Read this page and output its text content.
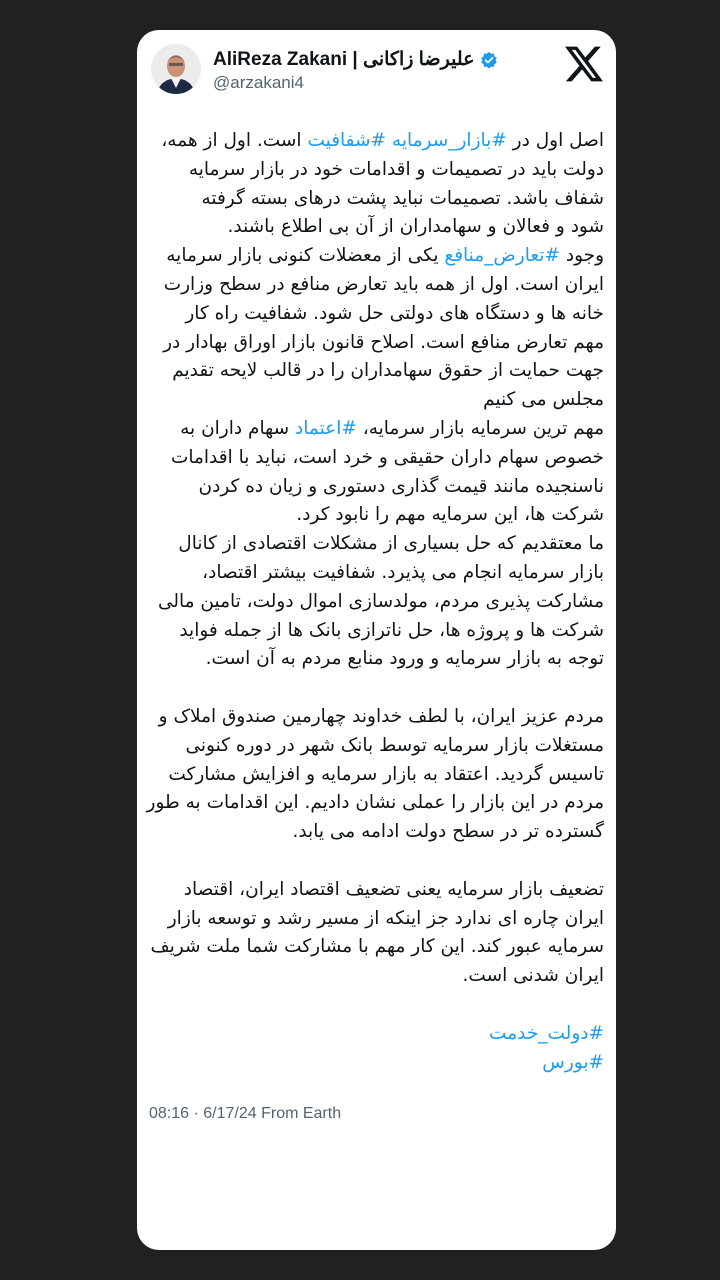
AliReza Zakani | علیرضا زاکانی
@arzakani4
اصل اول در #بازار_سرمایه #شفافیت است. اول از همه،
دولت باید در تصمیمات و اقدامات خود در بازار سرمایه
شفاف باشد. تصمیمات نباید پشت درهای بسته گرفته
شود و فعالان و سهامداران از آن بی اطلاع باشند.
وجود #تعارض_منافع یکی از معضلات کنونی بازار سرمایه
ایران است. اول از همه باید تعارض منافع در سطح وزارت
خانه ها و دستگاه های دولتی حل شود. شفافیت راه کار
مهم تعارض منافع است. اصلاح قانون بازار اوراق بهادار در
جهت حمایت از حقوق سهامداران را در قالب لایحه تقدیم
مجلس می کنیم
مهم ترین سرمایه بازار سرمایه، #اعتماد سهام داران به
خصوص سهام داران حقیقی و خرد است، نباید با اقدامات
ناسنجیده مانند قیمت گذاری دستوری و زیان ده کردن
شرکت ها، این سرمایه مهم را نابود کرد.
ما معتقدیم که حل بسیاری از مشکلات اقتصادی از کانال
بازار سرمایه انجام می پذیرد. شفافیت بیشتر اقتصاد،
مشارکت پذیری مردم، مولدسازی اموال دولت، تامین مالی
شرکت ها و پروژه ها، حل ناترازی بانک ها از جمله فواید
توجه به بازار سرمایه و ورود منابع مردم به آن است.
مردم عزیز ایران، با لطف خداوند چهارمین صندوق املاک و
مستغلات بازار سرمایه توسط بانک شهر در دوره کنونی
تاسیس گردید. اعتقاد به بازار سرمایه و افزایش مشارکت
مردم در این بازار را عملی نشان دادیم. این اقدامات به طور
گسترده تر در سطح دولت ادامه می یابد.
تضعیف بازار سرمایه یعنی تضعیف اقتصاد ایران، اقتصاد
ایران چاره ای ندارد جز اینکه از مسیر رشد و توسعه بازار
سرمایه عبور کند. این کار مهم با مشارکت شما ملت شریف
ایران شدنی است.
#دولت_خدمت
#بورس
08:16 · 6/17/24 From Earth
